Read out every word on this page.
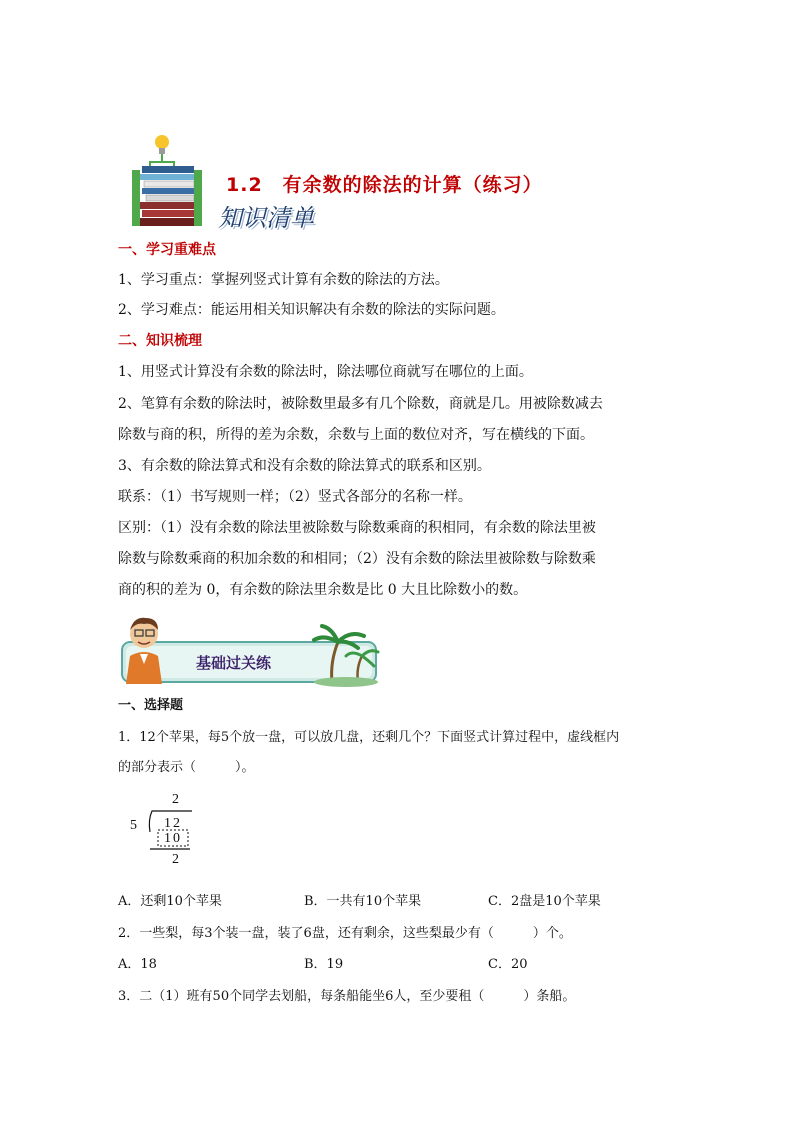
1.2　有余数的除法的计算（练习）
知识清单
一、学习重难点
1、学习重点：掌握列竖式计算有余数的除法的方法。
2、学习难点：能运用相关知识解决有余数的除法的实际问题。
二、知识梳理
1、用竖式计算没有余数的除法时，除法哪位商就写在哪位的上面。
2、笔算有余数的除法时，被除数里最多有几个除数，商就是几。用被除数减去
除数与商的积，所得的差为余数，余数与上面的数位对齐，写在横线的下面。
3、有余数的除法算式和没有余数的除法算式的联系和区别。
联系：（1）书写规则一样；（2）竖式各部分的名称一样。
区别：（1）没有余数的除法里被除数与除数乘商的积相同，有余数的除法里被
除数与除数乘商的积加余数的和相同；（2）没有余数的除法里被除数与除数乘
商的积的差为 0，有余数的除法里余数是比 0 大且比除数小的数。
基础过关练
一、选择题
1．12个苹果，每5个放一盘，可以放几盘，还剩几个？下面竖式计算过程中，虚线框内
的部分表示（　　　）。
2
5 12
10
2
A．还剩10个苹果	B．一共有10个苹果	C．2盘是10个苹果
2．一些梨，每3个装一盘，装了6盘，还有剩余，这些梨最少有（　　　）个。
A．18	B．19	C．20
3．二（1）班有50个同学去划船，每条船能坐6人，至少要租（　　　）条船。
